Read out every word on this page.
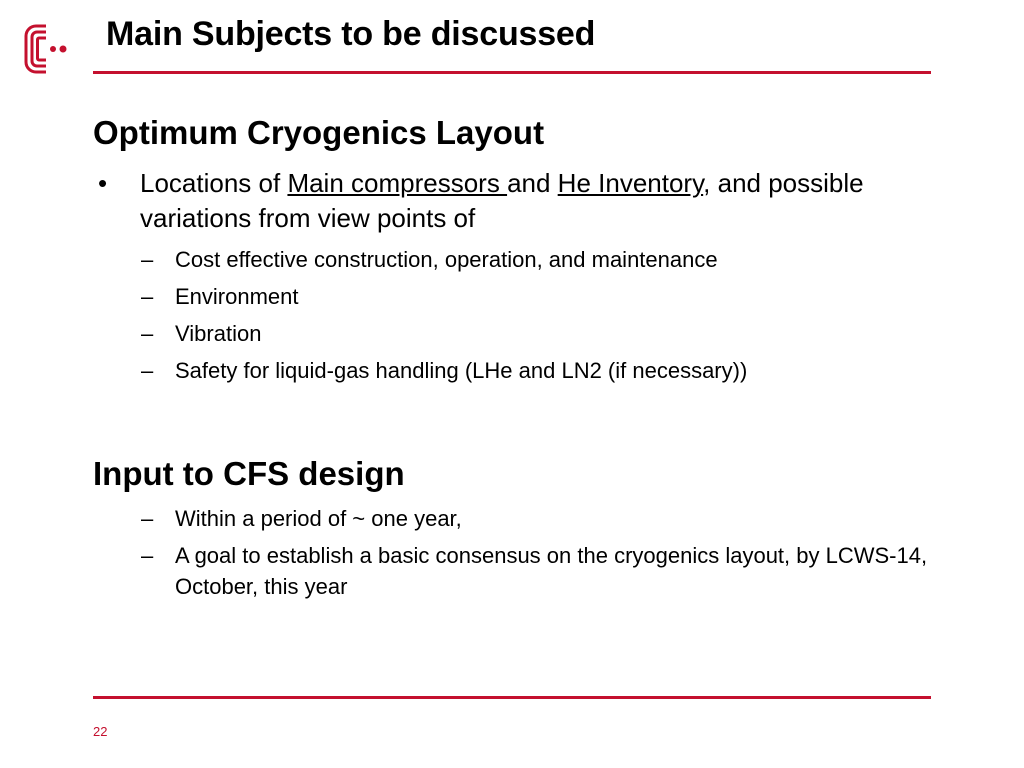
Main Subjects to be discussed
Optimum Cryogenics Layout
• Locations of Main compressors and He Inventory, and possible variations from view points of
– Cost effective construction, operation, and maintenance
– Environment
– Vibration
– Safety for liquid-gas handling (LHe and LN2 (if necessary))
Input to CFS design
– Within a period of ~ one year,
– A goal to establish a basic consensus on the cryogenics layout, by LCWS-14, October, this year
22
